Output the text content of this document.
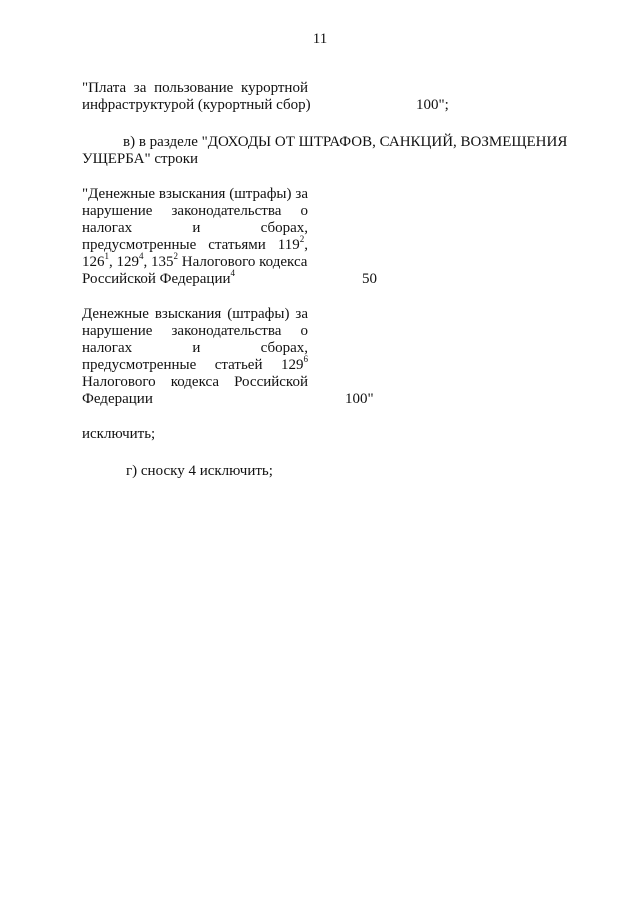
11
"Плата за пользование курортной
инфраструктурой (курортный сбор)	100";
в) в разделе "ДОХОДЫ ОТ ШТРАФОВ, САНКЦИЙ, ВОЗМЕЩЕНИЯ
УЩЕРБА" строки
"Денежные взыскания (штрафы) за
нарушение законодательства о
налогах и сборах,
предусмотренные статьями $119^2$,
$126^1$, $129^4$, $135^2$ Налогового кодекса
Российской Федерации$^4$	50
Денежные взыскания (штрафы) за
нарушение законодательства о
налогах и сборах,
предусмотренные статьей $129^6$
Налогового кодекса Российской
Федерации	100"
исключить;
г) сноску 4 исключить;
